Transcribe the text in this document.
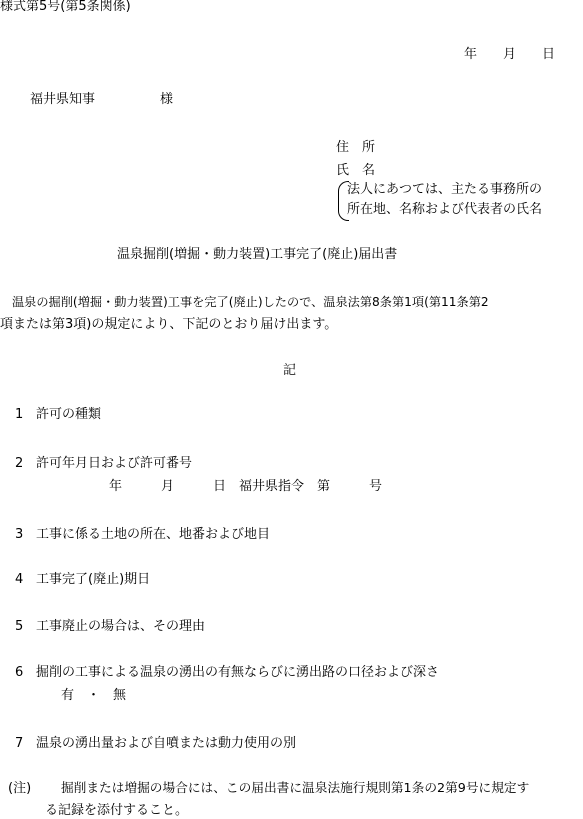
様式第5号(第5条関係)
年　　月　　日
福井県知事　　　　　様
住　所
氏　名
法人にあつては、主たる事務所の
所在地、名称および代表者の氏名
温泉掘削(増掘・動力装置)工事完了(廃止)届出書
温泉の掘削(増掘・動力装置)工事を完了(廃止)したので、温泉法第8条第1項(第11条第2
項または第3項)の規定により、下記のとおり届け出ます。
記
1 許可の種類
2 許可年月日および許可番号
年　　　月　　　日　福井県指令　第　　　号
3 工事に係る土地の所在、地番および地目
4 工事完了(廃止)期日
5 工事廃止の場合は、その理由
6 掘削の工事による温泉の湧出の有無ならびに湧出路の口径および深さ
有　・　無
7 温泉の湧出量および自噴または動力使用の別
(注) 掘削または増掘の場合には、この届出書に温泉法施行規則第1条の2第9号に規定す
る記録を添付すること。
